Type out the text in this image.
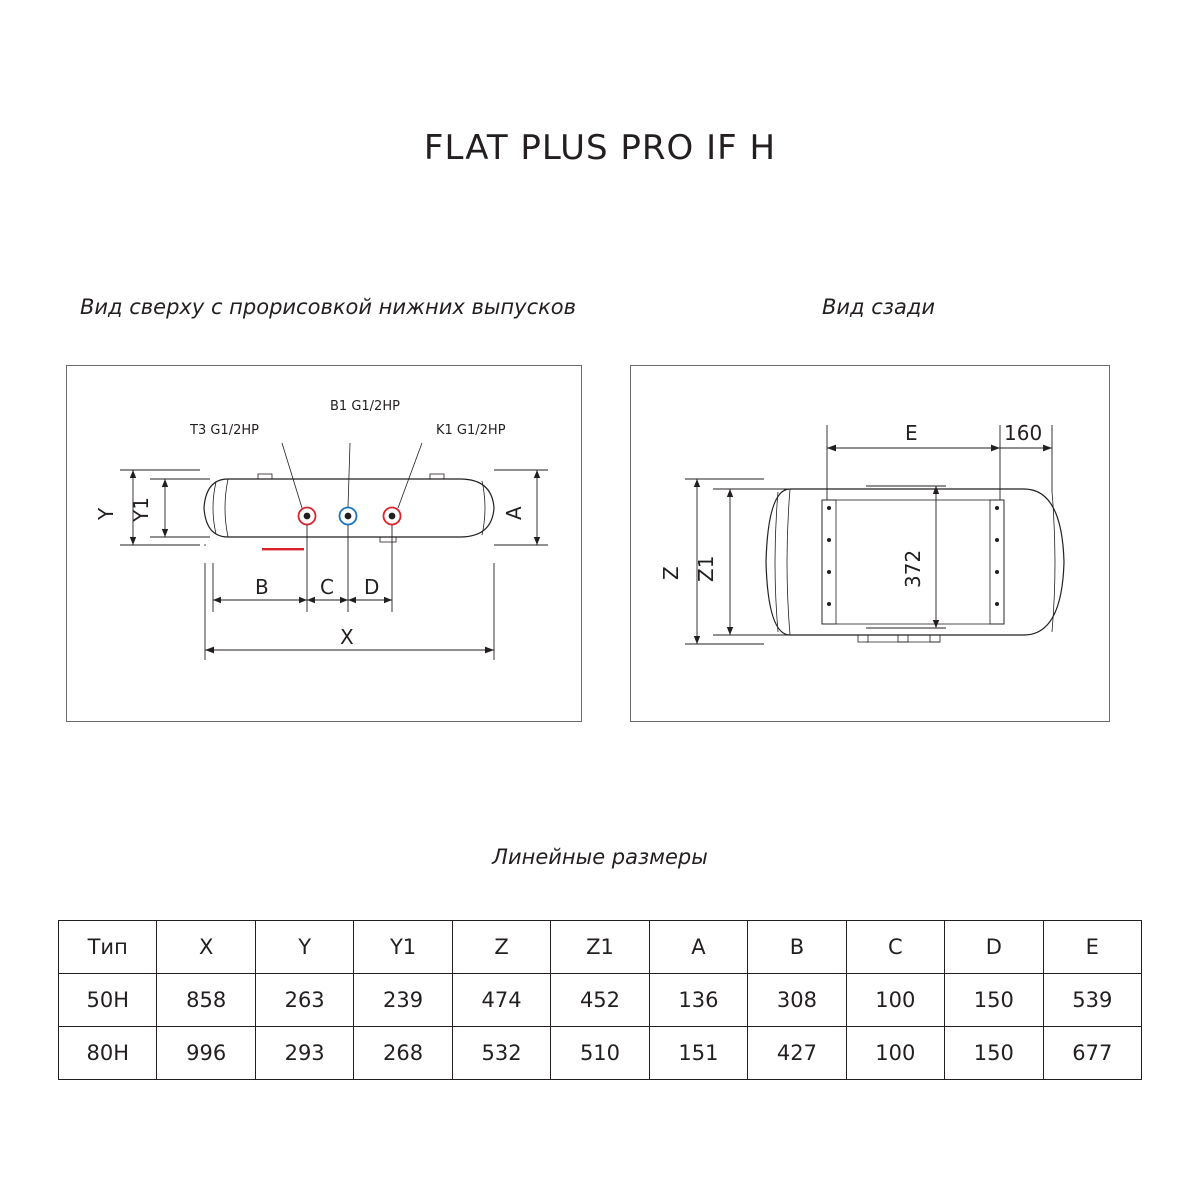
FLAT PLUS PRO IF H
Вид сверху с прорисовкой нижних выпусков	Вид сзади
T3 G1/2HP
B1 G1/2HP
K1 G1/2HP
Y Y1	A
B	C D
X
E	160
Z Z1	372
Линейные размеры
Тип	X	Y	Y1	Z	Z1	A	B	C	D	E
50H	858	263	239	474	452	136	308	100	150	539
80H	996	293	268	532	510	151	427	100	150	677
